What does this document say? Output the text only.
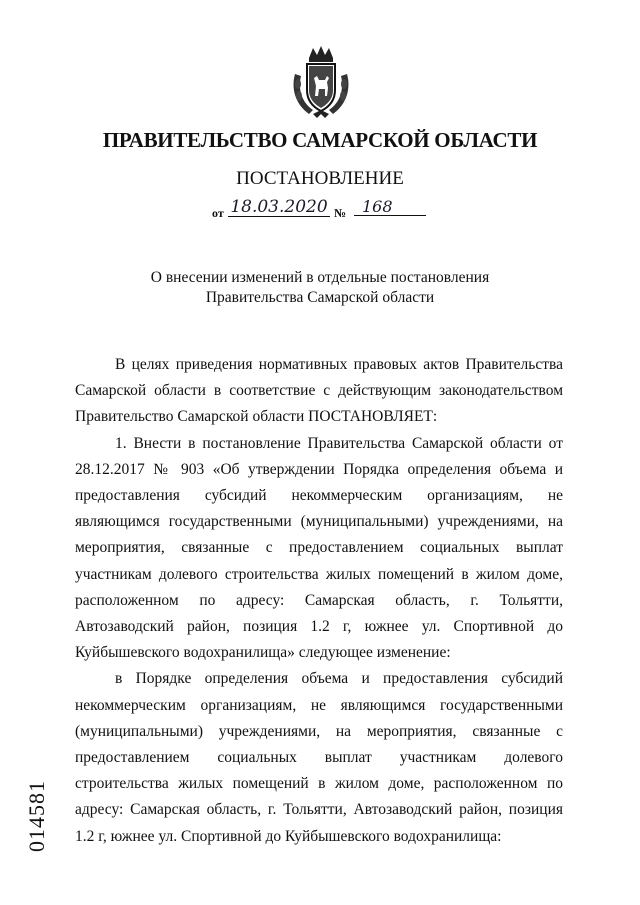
ПРАВИТЕЛЬСТВО САМАРСКОЙ ОБЛАСТИ
ПОСТАНОВЛЕНИЕ
от 18.03.2020 № 168
О внесении изменений в отдельные постановления
Правительства Самарской области

В целях приведения нормативных правовых актов Правительства Самарской области в соответствие с действующим законодательством Правительство Самарской области ПОСТАНОВЛЯЕТ:

1. Внести в постановление Правительства Самарской области от 28.12.2017 № 903 «Об утверждении Порядка определения объема и предоставления субсидий некоммерческим организациям, не являющимся государственными (муниципальными) учреждениями, на мероприятия, связанные с предоставлением социальных выплат участникам долевого строительства жилых помещений в жилом доме, расположенном по адресу: Самарская область, г. Тольятти, Автозаводский район, позиция 1.2 г, южнее ул. Спортивной до Куйбышевского водохранилища» следующее изменение:

в Порядке определения объема и предоставления субсидий некоммерческим организациям, не являющимся государственными (муниципальными) учреждениями, на мероприятия, связанные с предоставлением социальных выплат участникам долевого строительства жилых помещений в жилом доме, расположенном по адресу: Самарская область, г. Тольятти, Автозаводский район, позиция 1.2 г, южнее ул. Спортивной до Куйбышевского водохранилища:

014581
